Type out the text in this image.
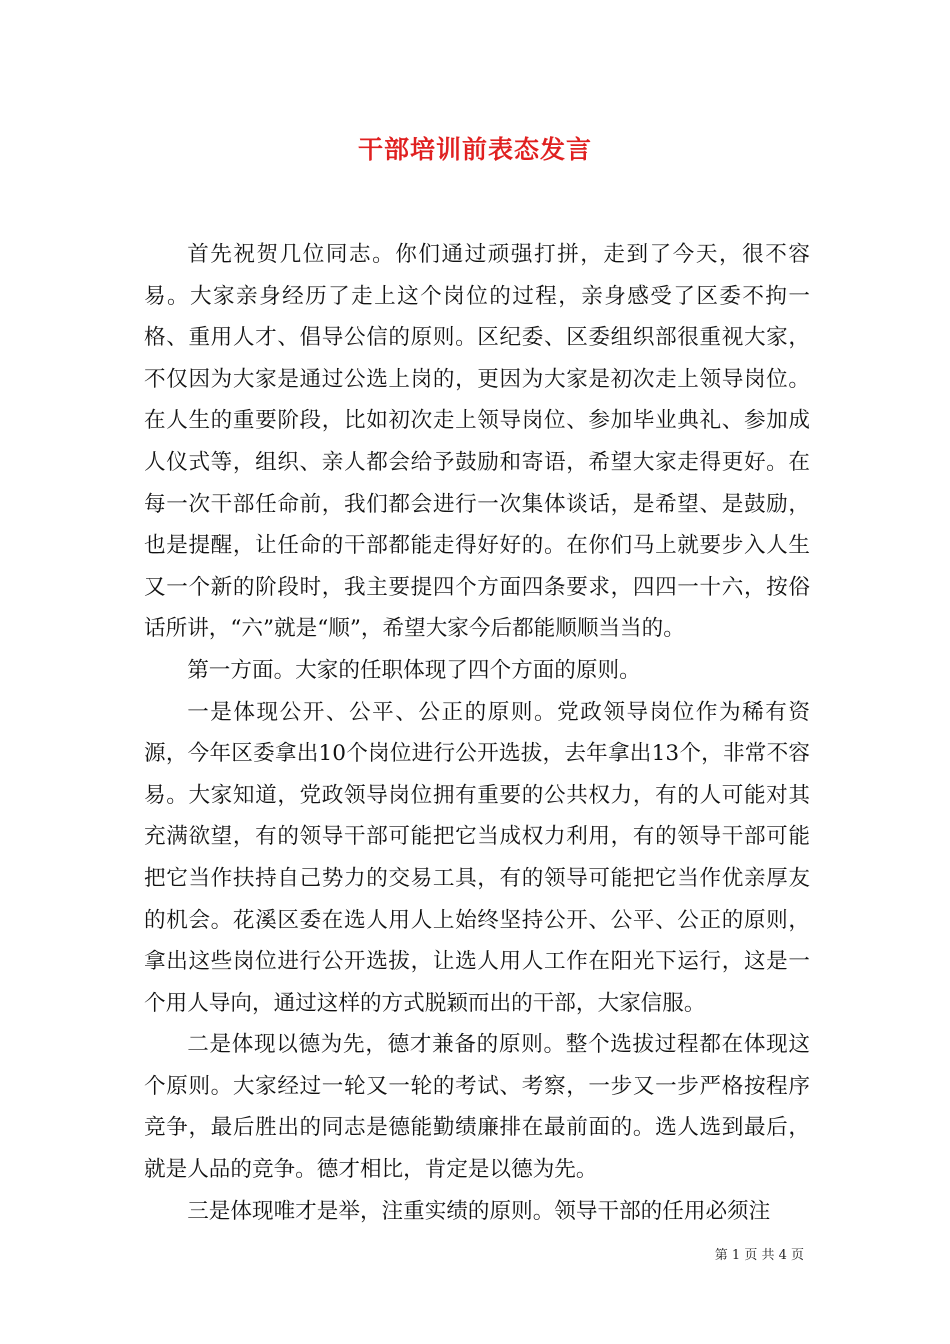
干部培训前表态发言

首先祝贺几位同志。你们通过顽强打拼，走到了今天，很不容易。大家亲身经历了走上这个岗位的过程，亲身感受了区委不拘一格、重用人才、倡导公信的原则。区纪委、区委组织部很重视大家，不仅因为大家是通过公选上岗的，更因为大家是初次走上领导岗位。在人生的重要阶段，比如初次走上领导岗位、参加毕业典礼、参加成人仪式等，组织、亲人都会给予鼓励和寄语，希望大家走得更好。在每一次干部任命前，我们都会进行一次集体谈话，是希望、是鼓励，也是提醒，让任命的干部都能走得好好的。在你们马上就要步入人生又一个新的阶段时，我主要提四个方面四条要求，四四一十六，按俗话所讲，“六”就是“顺”，希望大家今后都能顺顺当当的。

第一方面。大家的任职体现了四个方面的原则。

一是体现公开、公平、公正的原则。党政领导岗位作为稀有资源，今年区委拿出10个岗位进行公开选拔，去年拿出13个，非常不容易。大家知道，党政领导岗位拥有重要的公共权力，有的人可能对其充满欲望，有的领导干部可能把它当成权力利用，有的领导干部可能把它当作扶持自己势力的交易工具，有的领导可能把它当作优亲厚友的机会。花溪区委在选人用人上始终坚持公开、公平、公正的原则，拿出这些岗位进行公开选拔，让选人用人工作在阳光下运行，这是一个用人导向，通过这样的方式脱颖而出的干部，大家信服。

二是体现以德为先，德才兼备的原则。整个选拔过程都在体现这个原则。大家经过一轮又一轮的考试、考察，一步又一步严格按程序竞争，最后胜出的同志是德能勤绩廉排在最前面的。选人选到最后，就是人品的竞争。德才相比，肯定是以德为先。

三是体现唯才是举，注重实绩的原则。领导干部的任用必须注

第 1 页 共 4 页
